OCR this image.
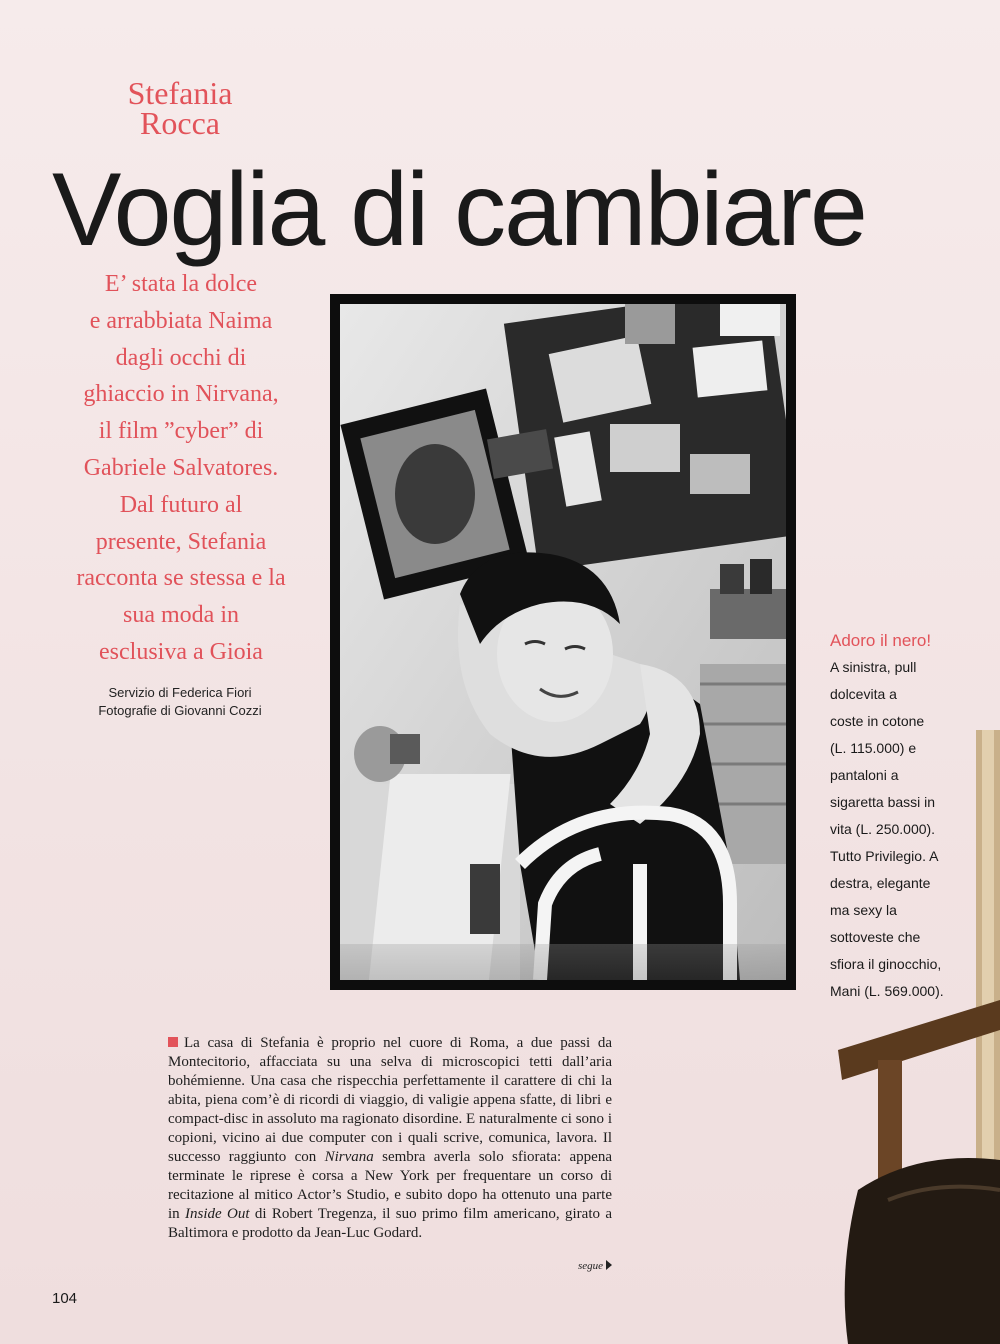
Stefania
Rocca
Voglia di cambiare
E’ stata la dolce
e arrabbiata Naima
dagli occhi di
ghiaccio in Nirvana,
il film ”cyber” di
Gabriele Salvatores.
Dal futuro al
presente, Stefania
racconta se stessa e la
sua moda in
esclusiva a Gioia
Servizio di Federica Fiori
Fotografie di Giovanni Cozzi
Adoro il nero!
A sinistra, pull
dolcevita a
coste in cotone
(L. 115.000) e
pantaloni a
sigaretta bassi in
vita (L. 250.000).
Tutto Privilegio. A
destra, elegante
ma sexy la
sottoveste che
sfiora il ginocchio,
Mani (L. 569.000).
La casa di Stefania è proprio nel cuore di Roma, a due passi da Montecitorio, affacciata su una selva di microscopici tetti dall’aria bohémienne. Una casa che rispecchia perfettamente il carattere di chi la abita, piena com’è di ricordi di viaggio, di valigie appena sfatte, di libri e compact-disc in assoluto ma ragionato disordine. E naturalmente ci sono i copioni, vicino ai due computer con i quali scrive, comunica, lavora. Il successo raggiunto con Nirvana sembra averla solo sfiorata: appena terminate le riprese è corsa a New York per frequentare un corso di recitazione al mitico Actor’s Studio, e subito dopo ha ottenuto una parte in Inside Out di Robert Tregenza, il suo primo film americano, girato a Baltimora e prodotto da Jean-Luc Godard.
segue
104
